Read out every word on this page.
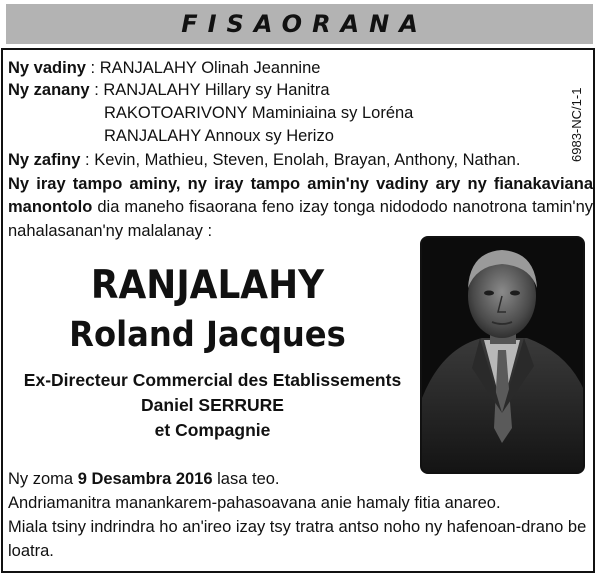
FISAORANA
6983-NC/1-1
Ny vadiny : RANJALAHY Olinah Jeannine
Ny zanany : RANJALAHY Hillary sy Hanitra
RAKOTOARIVONY Maminiaina sy Loréna
RANJALAHY Annoux sy Herizo
Ny zafiny : Kevin, Mathieu, Steven, Enolah, Brayan, Anthony, Nathan.
Ny iray tampo aminy, ny iray tampo amin'ny vadiny ary ny fianakaviana
manontolo dia maneho fisaorana feno izay tonga nidododo nanotrona tamin'ny
nahalasanan'ny malalanay :
RANJALAHY
Roland Jacques
Ex-Directeur Commercial des Etablissements
Daniel SERRURE
et Compagnie
Ny zoma 9 Desambra 2016 lasa teo.
Andriamanitra manankarem-pahasoavana anie hamaly fitia anareo.
Miala tsiny indrindra ho an'ireo izay tsy tratra antso noho ny hafenoan-drano be
loatra.
